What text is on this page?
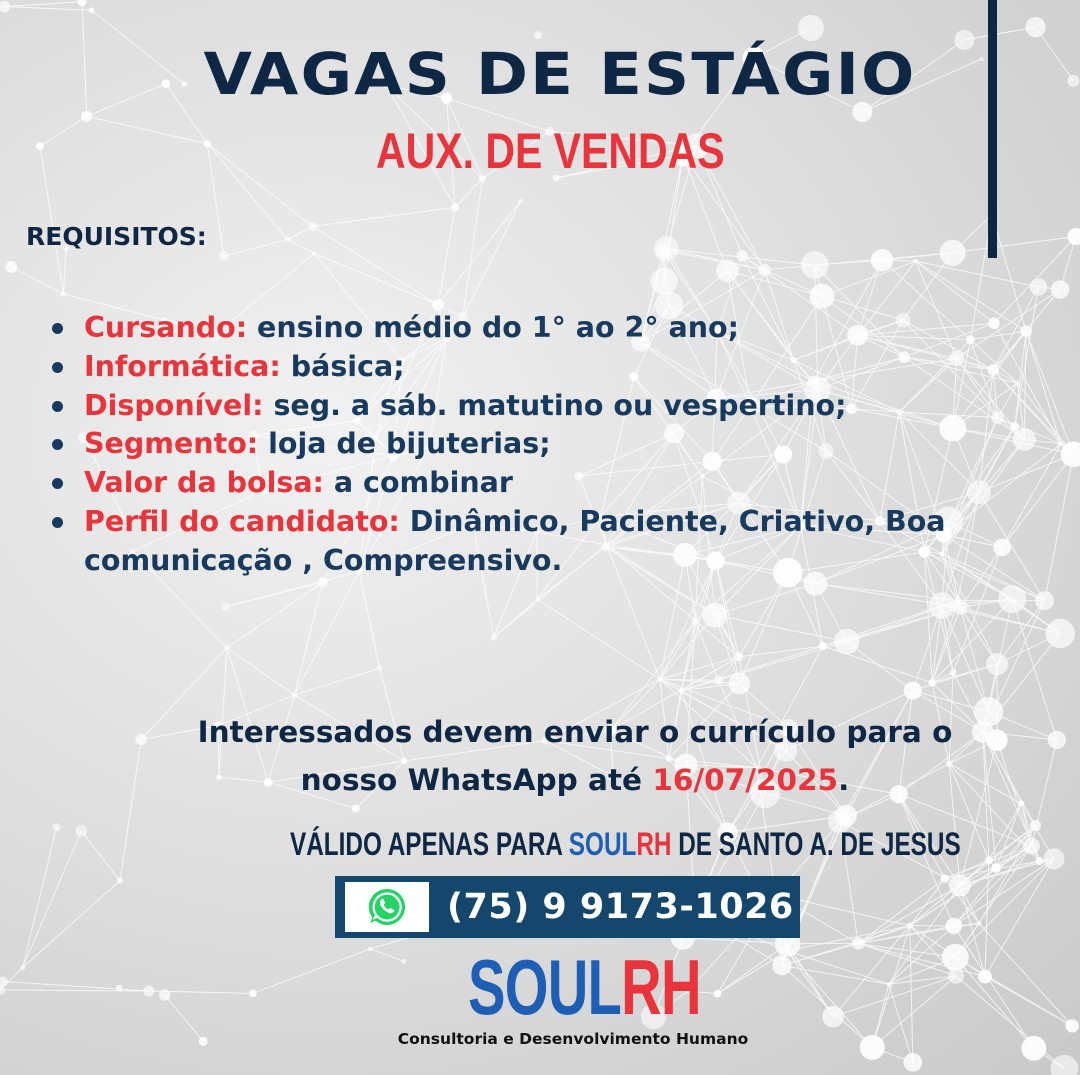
VAGAS DE ESTÁGIO
AUX. DE VENDAS
REQUISITOS:
Cursando: ensino médio do 1° ao 2° ano;
Informática: básica;
Disponível: seg. a sáb. matutino ou vespertino;
Segmento: loja de bijuterias;
Valor da bolsa: a combinar
Perfil do candidato: Dinâmico, Paciente, Criativo, Boa comunicação , Compreensivo.
Interessados devem enviar o currículo para o
nosso WhatsApp até 16/07/2025.
VÁLIDO APENAS PARA SOULRH DE SANTO A. DE JESUS
(75) 9 9173-1026
SOULRH
Consultoria e Desenvolvimento Humano
